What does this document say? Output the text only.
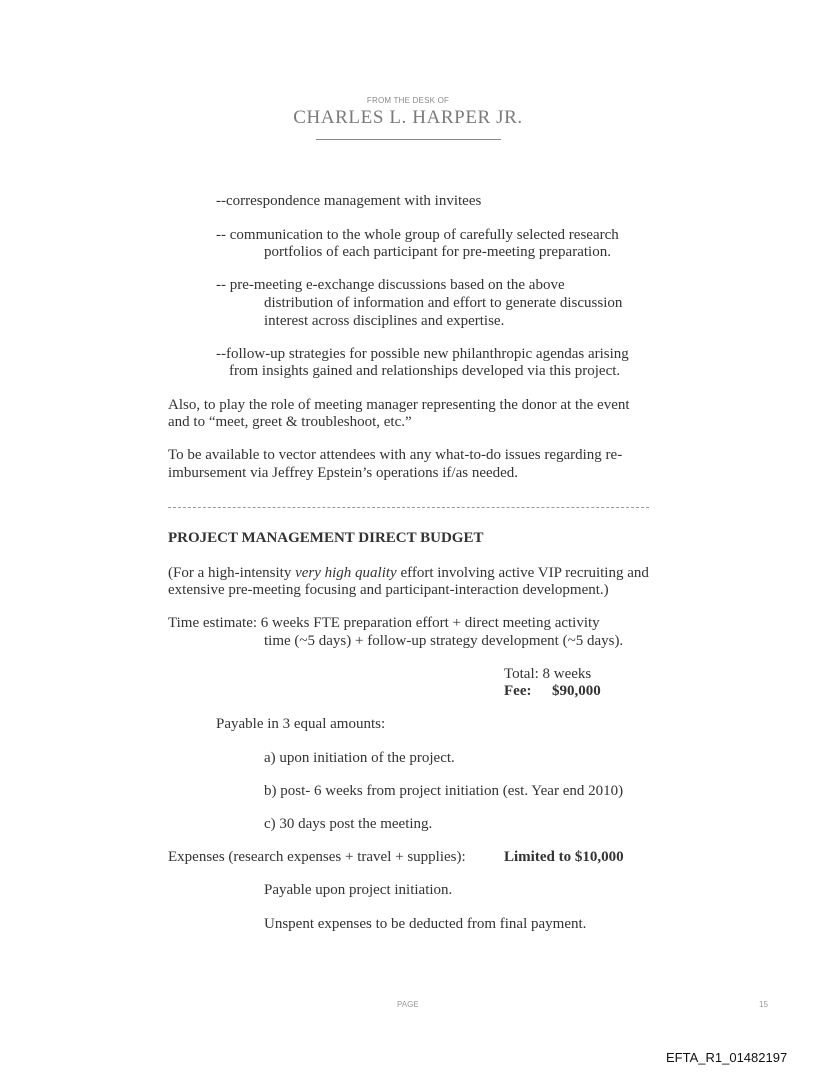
FROM THE DESK OF
CHARLES L. HARPER JR.
--correspondence management with invitees
-- communication to the whole group of carefully selected research
portfolios of each participant for pre-meeting preparation.
-- pre-meeting e-exchange discussions based on the above
distribution of information and effort to generate discussion
interest across disciplines and expertise.
--follow-up strategies for possible new philanthropic agendas arising
from insights gained and relationships developed via this project.
Also, to play the role of meeting manager representing the donor at the event
and to “meet, greet & troubleshoot, etc.”
To be available to vector attendees with any what-to-do issues regarding re-
imbursement via Jeffrey Epstein’s operations if/as needed.
PROJECT MANAGEMENT DIRECT BUDGET
(For a high-intensity very high quality effort involving active VIP recruiting and
extensive pre-meeting focusing and participant-interaction development.)
Time estimate: 6 weeks FTE preparation effort + direct meeting activity
time (~5 days) + follow-up strategy development (~5 days).
Total: 8 weeks
Fee: $90,000
Payable in 3 equal amounts:
a) upon initiation of the project.
b) post- 6 weeks from project initiation (est. Year end 2010)
c) 30 days post the meeting.
Expenses (research expenses + travel + supplies):	Limited to $10,000
Payable upon project initiation.
Unspent expenses to be deducted from final payment.
PAGE	15
EFTA_R1_01482197
